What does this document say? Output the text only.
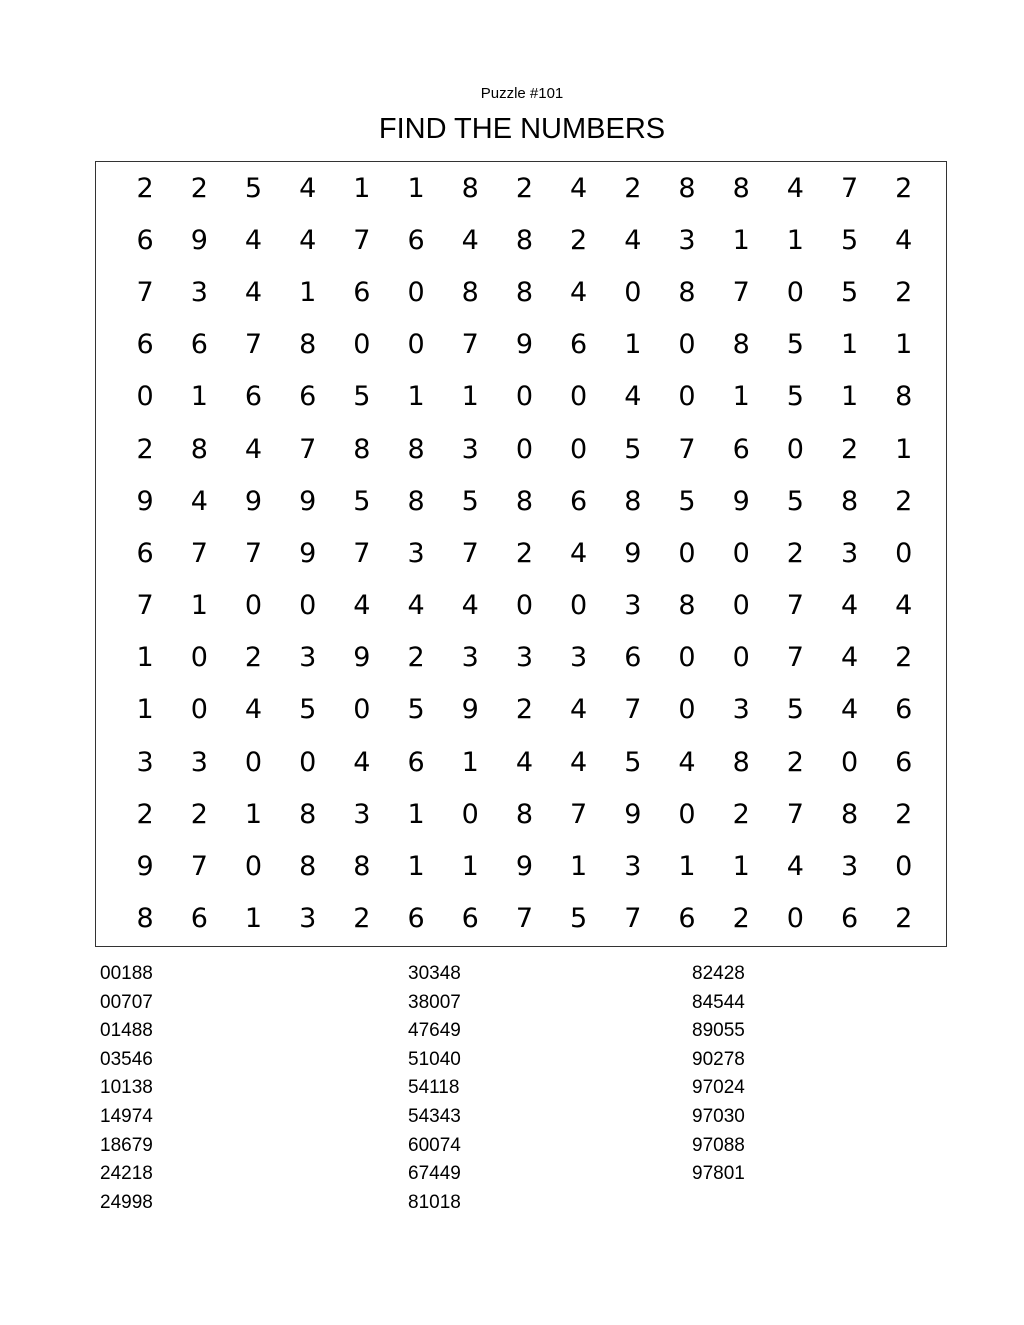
Puzzle #101
FIND THE NUMBERS
2	2	5	4	1	1	8	2	4	2	8	8	4	7	2
6	9	4	4	7	6	4	8	2	4	3	1	1	5	4
7	3	4	1	6	0	8	8	4	0	8	7	0	5	2
6	6	7	8	0	0	7	9	6	1	0	8	5	1	1
0	1	6	6	5	1	1	0	0	4	0	1	5	1	8
2	8	4	7	8	8	3	0	0	5	7	6	0	2	1
9	4	9	9	5	8	5	8	6	8	5	9	5	8	2
6	7	7	9	7	3	7	2	4	9	0	0	2	3	0
7	1	0	0	4	4	4	0	0	3	8	0	7	4	4
1	0	2	3	9	2	3	3	3	6	0	0	7	4	2
1	0	4	5	0	5	9	2	4	7	0	3	5	4	6
3	3	0	0	4	6	1	4	4	5	4	8	2	0	6
2	2	1	8	3	1	0	8	7	9	0	2	7	8	2
9	7	0	8	8	1	1	9	1	3	1	1	4	3	0
8	6	1	3	2	6	6	7	5	7	6	2	0	6	2
00188
00707
01488
03546
10138
14974
18679
24218
24998
30348
38007
47649
51040
54118
54343
60074
67449
81018
82428
84544
89055
90278
97024
97030
97088
97801
